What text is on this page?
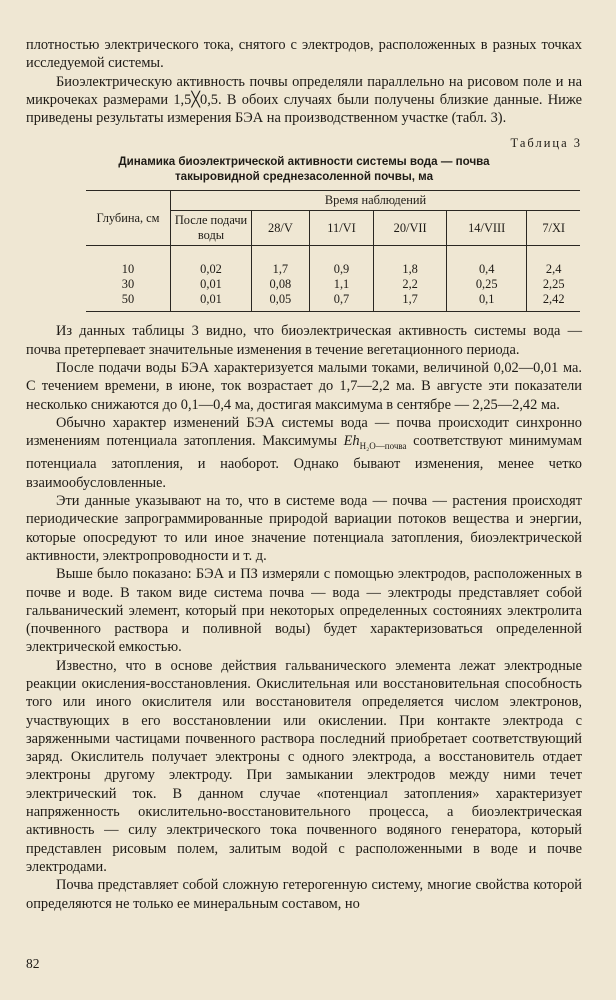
плотностью электрического тока, снятого с электродов, расположенных в разных точках исследуемой системы.

Биоэлектрическую активность почвы определяли параллельно на рисовом поле и на микрочеках размерами 1,5╳0,5. В обоих случаях были получены близкие данные. Ниже приведены результаты измерения БЭА на производственном участке (табл. 3).

Таблица 3
Динамика биоэлектрической активности системы вода — почва
такыровидной среднезасоленной почвы, ма
Глубина, см	Время наблюдений					
	После подачи воды	28/V	11/VI	20/VII	14/VIII	7/XI
10	0,02	1,7	0,9	1,8	0,4	2,4
30	0,01	0,08	1,1	2,2	0,25	2,25
50	0,01	0,05	0,7	1,7	0,1	2,42

Из данных таблицы 3 видно, что биоэлектрическая активность системы вода — почва претерпевает значительные изменения в течение вегетационного периода.

После подачи воды БЭА характеризуется малыми токами, величиной 0,02—0,01 ма. С течением времени, в июне, ток возрастает до 1,7—2,2 ма. В августе эти показатели несколько снижаются до 0,1—0,4 ма, достигая максимума в сентябре — 2,25—2,42 ма.

Обычно характер изменений БЭА системы вода — почва происходит синхронно изменениям потенциала затопления. Максимумы $Eh_{H_2O—почва}$ соответствуют минимумам потенциала затопления, и наоборот. Однако бывают изменения, менее четко взаимообусловленные.

Эти данные указывают на то, что в системе вода — почва — растения происходят периодические запрограммированные природой вариации потоков вещества и энергии, которые опосредуют то или иное значение потенциала затопления, биоэлектрической активности, электропроводности и т. д.

Выше было показано: БЭА и ПЗ измеряли с помощью электродов, расположенных в почве и воде. В таком виде система почва — вода — электроды представляет собой гальванический элемент, который при некоторых определенных состояниях электролита (почвенного раствора и поливной воды) будет характеризоваться определенной электрической емкостью.

Известно, что в основе действия гальванического элемента лежат электродные реакции окисления-восстановления. Окислительная или восстановительная способность того или иного окислителя или восстановителя определяется числом электронов, участвующих в его восстановлении или окислении. При контакте электрода с заряженными частицами почвенного раствора последний приобретает соответствующий заряд. Окислитель получает электроны с одного электрода, а восстановитель отдает электроны другому электроду. При замыкании электродов между ними течет электрический ток. В данном случае «потенциал затопления» характеризует напряженность окислительно-восстановительного процесса, а биоэлектрическая активность — силу электрического тока почвенного водяного генератора, который представлен рисовым полем, залитым водой с расположенными в воде и почве электродами.

Почва представляет собой сложную гетерогенную систему, многие свойства которой определяются не только ее минеральным составом, но

82
